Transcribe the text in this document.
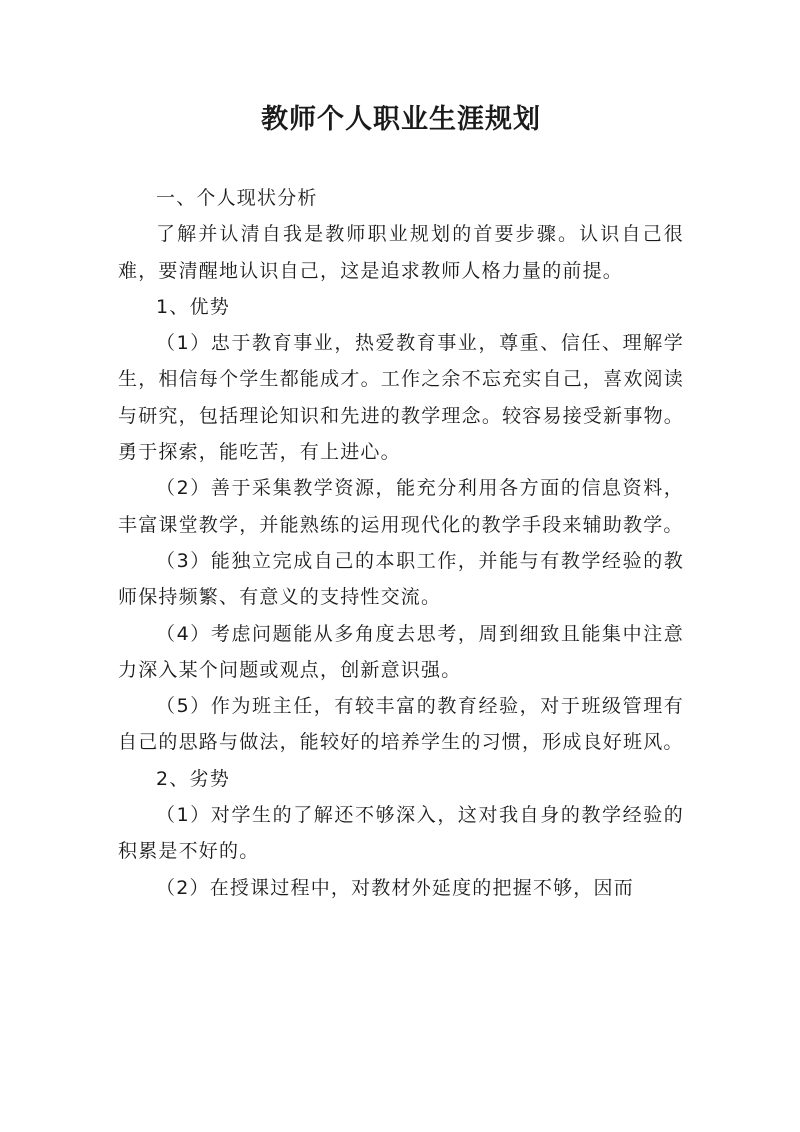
教师个人职业生涯规划

一、个人现状分析

了解并认清自我是教师职业规划的首要步骤。认识自己很难，要清醒地认识自己，这是追求教师人格力量的前提。

1、优势

（1）忠于教育事业，热爱教育事业，尊重、信任、理解学生，相信每个学生都能成才。工作之余不忘充实自己，喜欢阅读与研究，包括理论知识和先进的教学理念。较容易接受新事物。勇于探索，能吃苦，有上进心。

（2）善于采集教学资源，能充分利用各方面的信息资料，丰富课堂教学，并能熟练的运用现代化的教学手段来辅助教学。

（3）能独立完成自己的本职工作，并能与有教学经验的教师保持频繁、有意义的支持性交流。

（4）考虑问题能从多角度去思考，周到细致且能集中注意力深入某个问题或观点，创新意识强。

（5）作为班主任，有较丰富的教育经验，对于班级管理有自己的思路与做法，能较好的培养学生的习惯，形成良好班风。

2、劣势

（1）对学生的了解还不够深入，这对我自身的教学经验的积累是不好的。

（2）在授课过程中，对教材外延度的把握不够，因而
